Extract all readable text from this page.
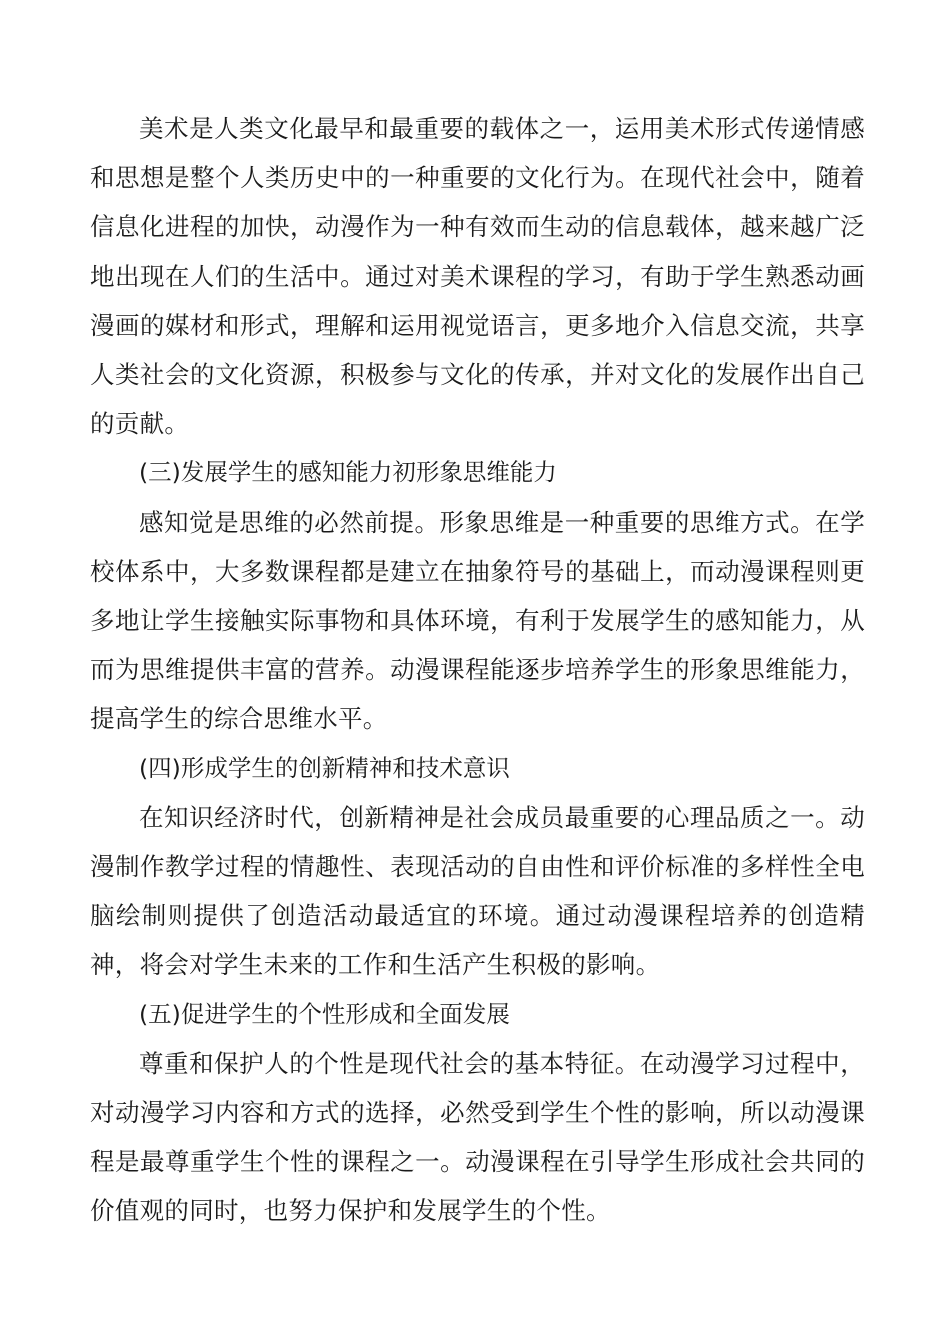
美术是人类文化最早和最重要的载体之一，运用美术形式传递情感和思想是整个人类历史中的一种重要的文化行为。在现代社会中，随着信息化进程的加快，动漫作为一种有效而生动的信息载体，越来越广泛地出现在人们的生活中。通过对美术课程的学习，有助于学生熟悉动画漫画的媒材和形式，理解和运用视觉语言，更多地介入信息交流，共享人类社会的文化资源，积极参与文化的传承，并对文化的发展作出自己的贡献。

(三)发展学生的感知能力初形象思维能力

感知觉是思维的必然前提。形象思维是一种重要的思维方式。在学校体系中，大多数课程都是建立在抽象符号的基础上，而动漫课程则更多地让学生接触实际事物和具体环境，有利于发展学生的感知能力，从而为思维提供丰富的营养。动漫课程能逐步培养学生的形象思维能力，提高学生的综合思维水平。

(四)形成学生的创新精神和技术意识

在知识经济时代，创新精神是社会成员最重要的心理品质之一。动漫制作教学过程的情趣性、表现活动的自由性和评价标准的多样性全电脑绘制则提供了创造活动最适宜的环境。通过动漫课程培养的创造精神，将会对学生未来的工作和生活产生积极的影响。

(五)促进学生的个性形成和全面发展

尊重和保护人的个性是现代社会的基本特征。在动漫学习过程中，对动漫学习内容和方式的选择，必然受到学生个性的影响，所以动漫课程是最尊重学生个性的课程之一。动漫课程在引导学生形成社会共同的价值观的同时，也努力保护和发展学生的个性。
